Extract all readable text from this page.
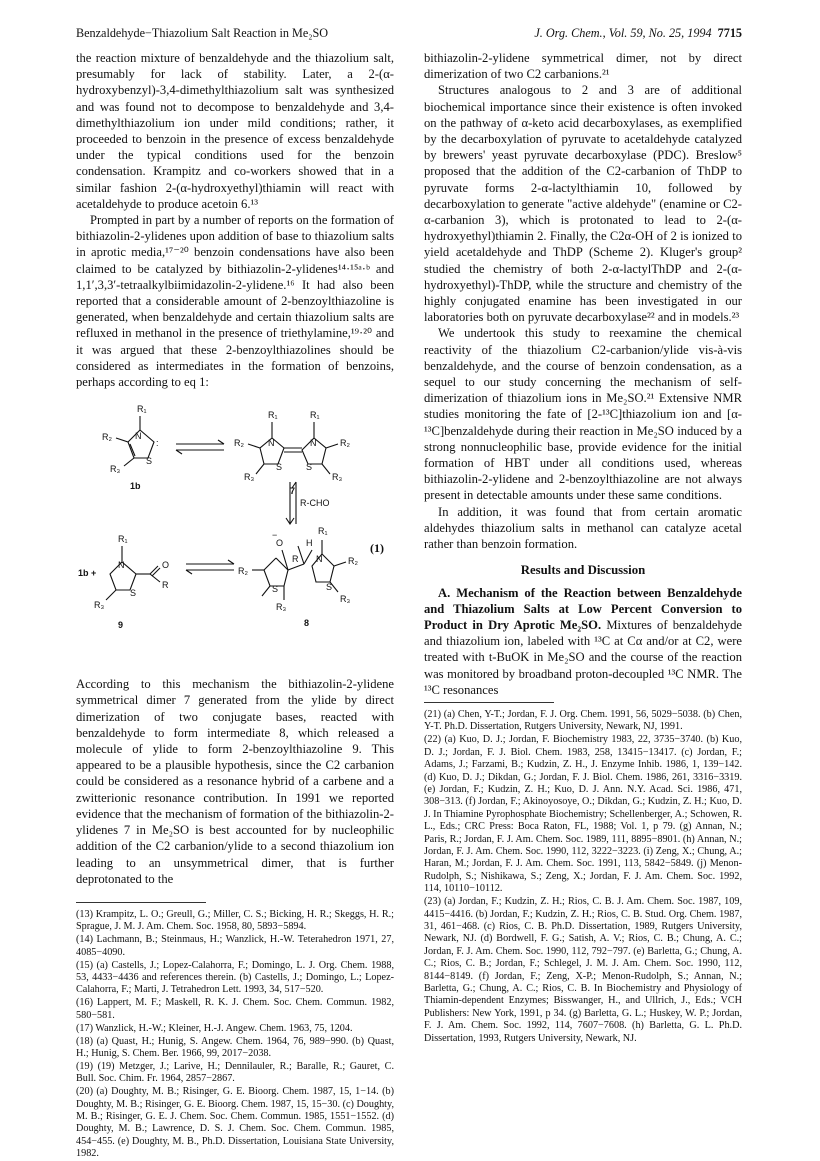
Benzaldehyde−Thiazolium Salt Reaction in Me₂SO	J. Org. Chem., Vol. 59, No. 25, 1994 7715

the reaction mixture of benzaldehyde and the thiazolium salt, presumably for lack of stability. Later, a 2-(α-hydroxybenzyl)-3,4-dimethylthiazolium salt was synthesized and was found not to decompose to benzaldehyde and 3,4-dimethylthiazolium ion under mild conditions; rather, it proceeded to benzoin in the presence of excess benzaldehyde under the typical conditions used for the benzoin condensation. Krampitz and co-workers showed that in a similar fashion 2-(α-hydroxyethyl)thiamin will react with acetaldehyde to produce acetoin 6.¹³

Prompted in part by a number of reports on the formation of bithiazolin-2-ylidenes upon addition of base to thiazolium salts in aprotic media,¹⁷⁻²⁰ benzoin condensations have also been claimed to be catalyzed by bithiazolin-2-ylidenes¹⁴·¹⁵ᵃ·ᵇ and 1,1′,3,3′-tetraalkylbiimidazolin-2-ylidene.¹⁶ It had also been reported that a considerable amount of 2-benzoylthiazoline is generated, when benzaldehyde and certain thiazolium salts are refluxed in methanol in the presence of triethylamine,¹⁹·²⁰ and it was argued that these 2-benzoylthiazolines should be considered as intermediates in the formation of benzoins, perhaps according to eq 1:

R₁
N
R₂
R₃
S
:
1b
R₁	R₁
R₂	R₂
N	N
S	S
R₃	R₃
7
R-CHO
1b +
R₁
N
S
R₃
O
R
9
O
−
H
R
R₁
N	R₂
S
R₂
S
R₃
R₃
8
(1)

According to this mechanism the bithiazolin-2-ylidene symmetrical dimer 7 generated from the ylide by direct dimerization of two conjugate bases, reacted with benzaldehyde to form intermediate 8, which released a molecule of ylide to form 2-benzoylthiazoline 9. This appeared to be a plausible hypothesis, since the C2 carbanion could be considered as a resonance hybrid of a carbene and a zwitterionic resonance contribution. In 1991 we reported evidence that the mechanism of formation of the bithiazolin-2-ylidenes 7 in Me₂SO is best accounted for by nucleophilic addition of the C2 carbanion/ylide to a second thiazolium ion leading to an unsymmetrical dimer, that is further deprotonated to the

bithiazolin-2-ylidene symmetrical dimer, not by direct dimerization of two C2 carbanions.²¹

Structures analogous to 2 and 3 are of additional biochemical importance since their existence is often invoked on the pathway of α-keto acid decarboxylases, as exemplified by the decarboxylation of pyruvate to acetaldehyde catalyzed by brewers' yeast pyruvate decarboxylase (PDC). Breslow⁵ proposed that the addition of the C2-carbanion of ThDP to pyruvate forms 2-α-lactylthiamin 10, followed by decarboxylation to generate "active aldehyde" (enamine or C2-α-carbanion 3), which is protonated to lead to 2-(α-hydroxyethyl)thiamin 2. Finally, the C2α-OH of 2 is ionized to yield acetaldehyde and ThDP (Scheme 2). Kluger's group² studied the chemistry of both 2-α-lactylThDP and 2-(α-hydroxyethyl)-ThDP, while the structure and chemistry of the highly conjugated enamine has been investigated in our laboratories both on pyruvate decarboxylase²² and in models.²³

We undertook this study to reexamine the chemical reactivity of the thiazolium C2-carbanion/ylide vis-à-vis benzaldehyde, and the course of benzoin condensation, as a sequel to our study concerning the mechanism of self-dimerization of thiazolium ions in Me₂SO.²¹ Extensive NMR studies monitoring the fate of [2-¹³C]thiazolium ion and [α-¹³C]benzaldehyde during their reaction in Me₂SO induced by a strong nonnucleophilic base, provide evidence for the initial formation of HBT under all conditions used, whereas bithiazolin-2-ylidene and 2-benzoylthiazoline are not always present in detectable amounts under these same conditions.

In addition, it was found that from certain aromatic aldehydes thiazolium salts in methanol can catalyze acetal rather than benzoin formation.

Results and Discussion

A. Mechanism of the Reaction between Benzaldehyde and Thiazolium Salts at Low Percent Conversion to Product in Dry Aprotic Me₂SO. Mixtures of benzaldehyde and thiazolium ion, labeled with ¹³C at Cα and/or at C2, were treated with t-BuOK in Me₂SO and the course of the reaction was monitored by broadband proton-decoupled ¹³C NMR. The ¹³C resonances

(13) Krampitz, L. O.; Greull, G.; Miller, C. S.; Bicking, H. R.; Skeggs, H. R.; Sprague, J. M. J. Am. Chem. Soc. 1958, 80, 5893−5894.

(14) Lachmann, B.; Steinmaus, H.; Wanzlick, H.-W. Teterahedron 1971, 27, 4085−4090.

(15) (a) Castells, J.; Lopez-Calahorra, F.; Domingo, L. J. Org. Chem. 1988, 53, 4433−4436 and references therein. (b) Castells, J.; Domingo, L.; Lopez-Calahorra, F.; Marti, J. Tetrahedron Lett. 1993, 34, 517−520.

(16) Lappert, M. F.; Maskell, R. K. J. Chem. Soc. Chem. Commun. 1982, 580−581.

(17) Wanzlick, H.-W.; Kleiner, H.-J. Angew. Chem. 1963, 75, 1204.

(18) (a) Quast, H.; Hunig, S. Angew. Chem. 1964, 76, 989−990. (b) Quast, H.; Hunig, S. Chem. Ber. 1966, 99, 2017−2038.

(19) (19) Metzger, J.; Larive, H.; Dennilauler, R.; Baralle, R.; Gauret, C. Bull. Soc. Chim. Fr. 1964, 2857−2867.

(20) (a) Doughty, M. B.; Risinger, G. E. Bioorg. Chem. 1987, 15, 1−14. (b) Doughty, M. B.; Risinger, G. E. Bioorg. Chem. 1987, 15, 15−30. (c) Doughty, M. B.; Risinger, G. E. J. Chem. Soc. Chem. Commun. 1985, 1551−1552. (d) Doughty, M. B.; Lawrence, D. S. J. Chem. Soc. Chem. Commun. 1985, 454−455. (e) Doughty, M. B., Ph.D. Dissertation, Louisiana State University, 1982.

(21) (a) Chen, Y-T.; Jordan, F. J. Org. Chem. 1991, 56, 5029−5038. (b) Chen, Y-T. Ph.D. Dissertation, Rutgers University, Newark, NJ, 1991.

(22) (a) Kuo, D. J.; Jordan, F. Biochemistry 1983, 22, 3735−3740. (b) Kuo, D. J.; Jordan, F. J. Biol. Chem. 1983, 258, 13415−13417. (c) Jordan, F.; Adams, J.; Farzami, B.; Kudzin, Z. H., J. Enzyme Inhib. 1986, 1, 139−142. (d) Kuo, D. J.; Dikdan, G.; Jordan, F. J. Biol. Chem. 1986, 261, 3316−3319. (e) Jordan, F.; Kudzin, Z. H.; Kuo, D. J. Ann. N.Y. Acad. Sci. 1986, 471, 308−313. (f) Jordan, F.; Akinoyosoye, O.; Dikdan, G.; Kudzin, Z. H.; Kuo, D. J. In Thiamine Pyrophosphate Biochemistry; Schellenberger, A.; Schowen, R. L., Eds.; CRC Press: Boca Raton, FL, 1988; Vol. 1, p 79. (g) Annan, N.; Paris, R.; Jordan, F. J. Am. Chem. Soc. 1989, 111, 8895−8901. (h) Annan, N.; Jordan, F. J. Am. Chem. Soc. 1990, 112, 3222−3223. (i) Zeng, X.; Chung, A.; Haran, M.; Jordan, F. J. Am. Chem. Soc. 1991, 113, 5842−5849. (j) Menon-Rudolph, S.; Nishikawa, S.; Zeng, X.; Jordan, F. J. Am. Chem. Soc. 1992, 114, 10110−10112.

(23) (a) Jordan, F.; Kudzin, Z. H.; Rios, C. B. J. Am. Chem. Soc. 1987, 109, 4415−4416. (b) Jordan, F.; Kudzin, Z. H.; Rios, C. B. Stud. Org. Chem. 1987, 31, 461−468. (c) Rios, C. B. Ph.D. Dissertation, 1989, Rutgers University, Newark, NJ. (d) Bordwell, F. G.; Satish, A. V.; Rios, C. B.; Chung, A. C.; Jordan, F. J. Am. Chem. Soc. 1990, 112, 792−797. (e) Barletta, G.; Chung, A. C.; Rios, C. B.; Jordan, F.; Schlegel, J. M. J. Am. Chem. Soc. 1990, 112, 8144−8149. (f) Jordan, F.; Zeng, X-P.; Menon-Rudolph, S.; Annan, N.; Barletta, G.; Chung, A. C.; Rios, C. B. In Biochemistry and Physiology of Thiamin-dependent Enzymes; Bisswanger, H., and Ullrich, J., Eds.; VCH Publishers: New York, 1991, p 34. (g) Barletta, G. L.; Huskey, W. P.; Jordan, F. J. Am. Chem. Soc. 1992, 114, 7607−7608. (h) Barletta, G. L. Ph.D. Dissertation, 1993, Rutgers University, Newark, NJ.
